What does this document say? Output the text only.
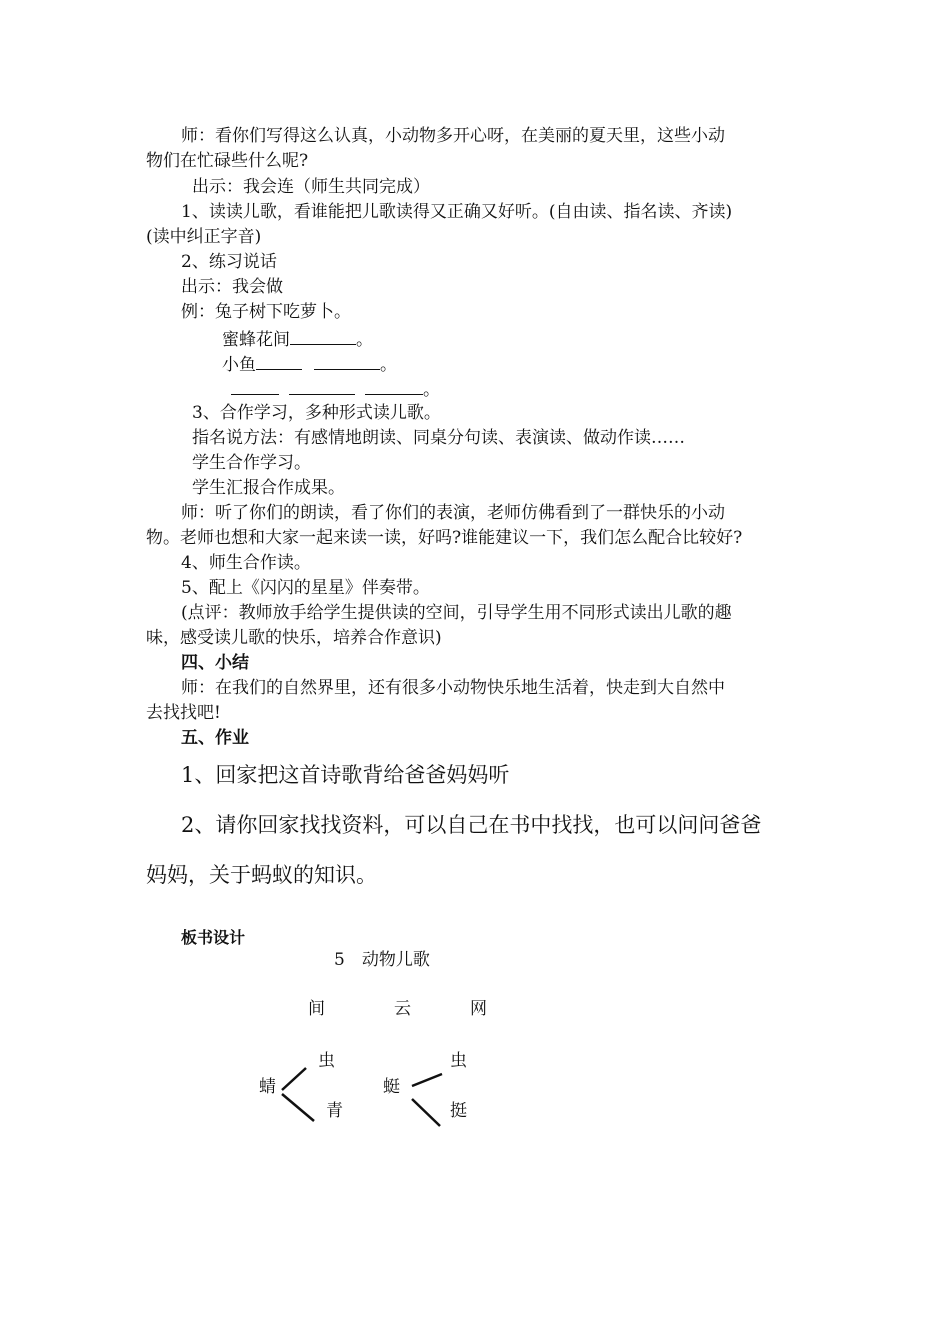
师：看你们写得这么认真，小动物多开心呀，在美丽的夏天里，这些小动
物们在忙碌些什么呢?
出示：我会连（师生共同完成）
1、读读儿歌，看谁能把儿歌读得又正确又好听。(自由读、指名读、齐读)
(读中纠正字音)
2、练习说话
出示：我会做
例：兔子树下吃萝卜。
蜜蜂花间	。
小鱼	。
。
3、合作学习，多种形式读儿歌。
指名说方法：有感情地朗读、同桌分句读、表演读、做动作读……
学生合作学习。
学生汇报合作成果。
师：听了你们的朗读，看了你们的表演，老师仿佛看到了一群快乐的小动
物。老师也想和大家一起来读一读，好吗?谁能建议一下，我们怎么配合比较好?
4、师生合作读。
5、配上《闪闪的星星》伴奏带。
(点评：教师放手给学生提供读的空间，引导学生用不同形式读出儿歌的趣
味，感受读儿歌的快乐，培养合作意识)
四、小结
师：在我们的自然界里，还有很多小动物快乐地生活着，快走到大自然中
去找找吧!
五、作业
1、回家把这首诗歌背给爸爸妈妈听
2、请你回家找找资料，可以自己在书中找找，也可以问问爸爸
妈妈，关于蚂蚁的知识。
板书设计
5　动物儿歌
间	云	网
虫
蜻
青
虫
蜓
挺
